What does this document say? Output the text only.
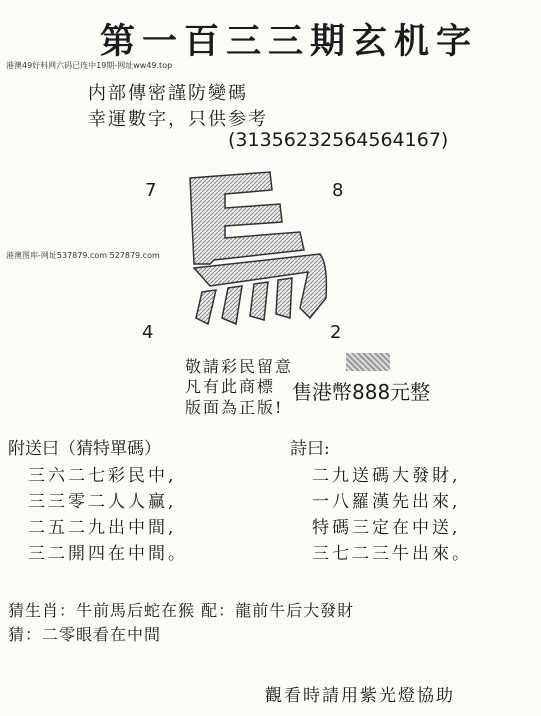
第一百三三期玄机字
港澳49好料网六码已连中19期-网址ww49.top
内部傳密謹防變碼
幸運數字，只供参考
(3135623256456416​7)
港澳图库-网址537879.com 527879.com
7	8
4	2
敬請彩民留意
凡有此商標
版面為正版!
售港幣888元整
附送曰（猜特單碼）	詩曰:
三六二七彩民中,
三三零二人人赢,
二五二九出中間,
三二開四在中間。
二九送碼大發財,
一八羅漢先出來,
特碼三定在中送,
三七二三牛出來。
猜生肖：牛前馬后蛇在猴 配：龍前牛后大發財
猜：二零眼看在中間
觀看時請用紫光燈協助
